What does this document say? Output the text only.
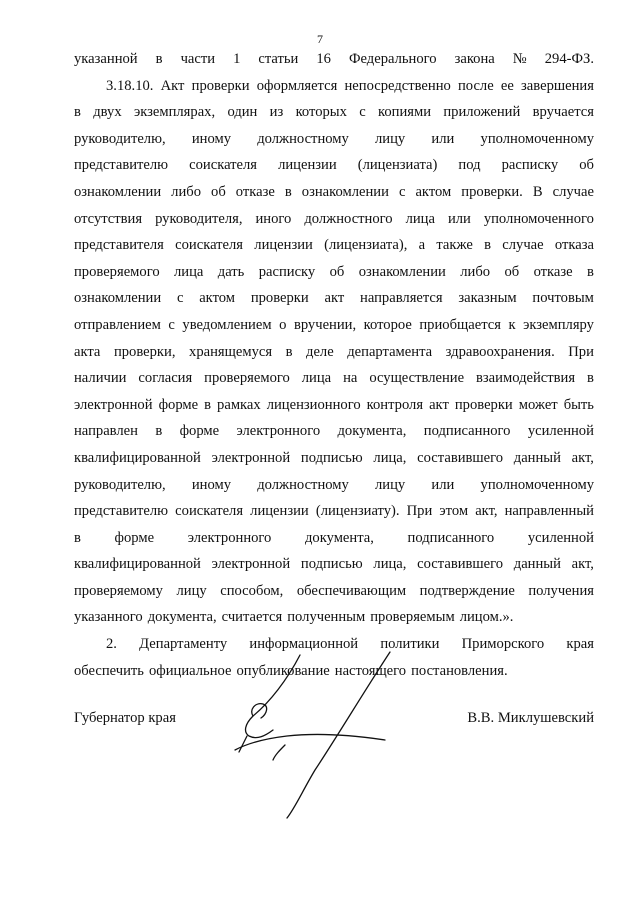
7
указанной в части 1 статьи 16 Федерального закона № 294-ФЗ.
3.18.10. Акт проверки оформляется непосредственно после ее завершения
в двух экземплярах, один из которых с копиями приложений вручается
руководителю, иному должностному лицу или уполномоченному
представителю соискателя лицензии (лицензиата) под расписку об
ознакомлении либо об отказе в ознакомлении с актом проверки. В случае
отсутствия руководителя, иного должностного лица или уполномоченного
представителя соискателя лицензии (лицензиата), а также в случае отказа
проверяемого лица дать расписку об ознакомлении либо об отказе в
ознакомлении с актом проверки акт направляется заказным почтовым
отправлением с уведомлением о вручении, которое приобщается к экземпляру
акта проверки, хранящемуся в деле департамента здравоохранения. При
наличии согласия проверяемого лица на осуществление взаимодействия в
электронной форме в рамках лицензионного контроля акт проверки может быть
направлен в форме электронного документа, подписанного усиленной
квалифицированной электронной подписью лица, составившего данный акт,
руководителю, иному должностному лицу или уполномоченному
представителю соискателя лицензии (лицензиату). При этом акт, направленный
в форме электронного документа, подписанного усиленной
квалифицированной электронной подписью лица, составившего данный акт,
проверяемому лицу способом, обеспечивающим подтверждение получения
указанного документа, считается полученным проверяемым лицом.».
2. Департаменту информационной политики Приморского края
обеспечить официальное опубликование настоящего постановления.
Губернатор края	В.В. Миклушевский
